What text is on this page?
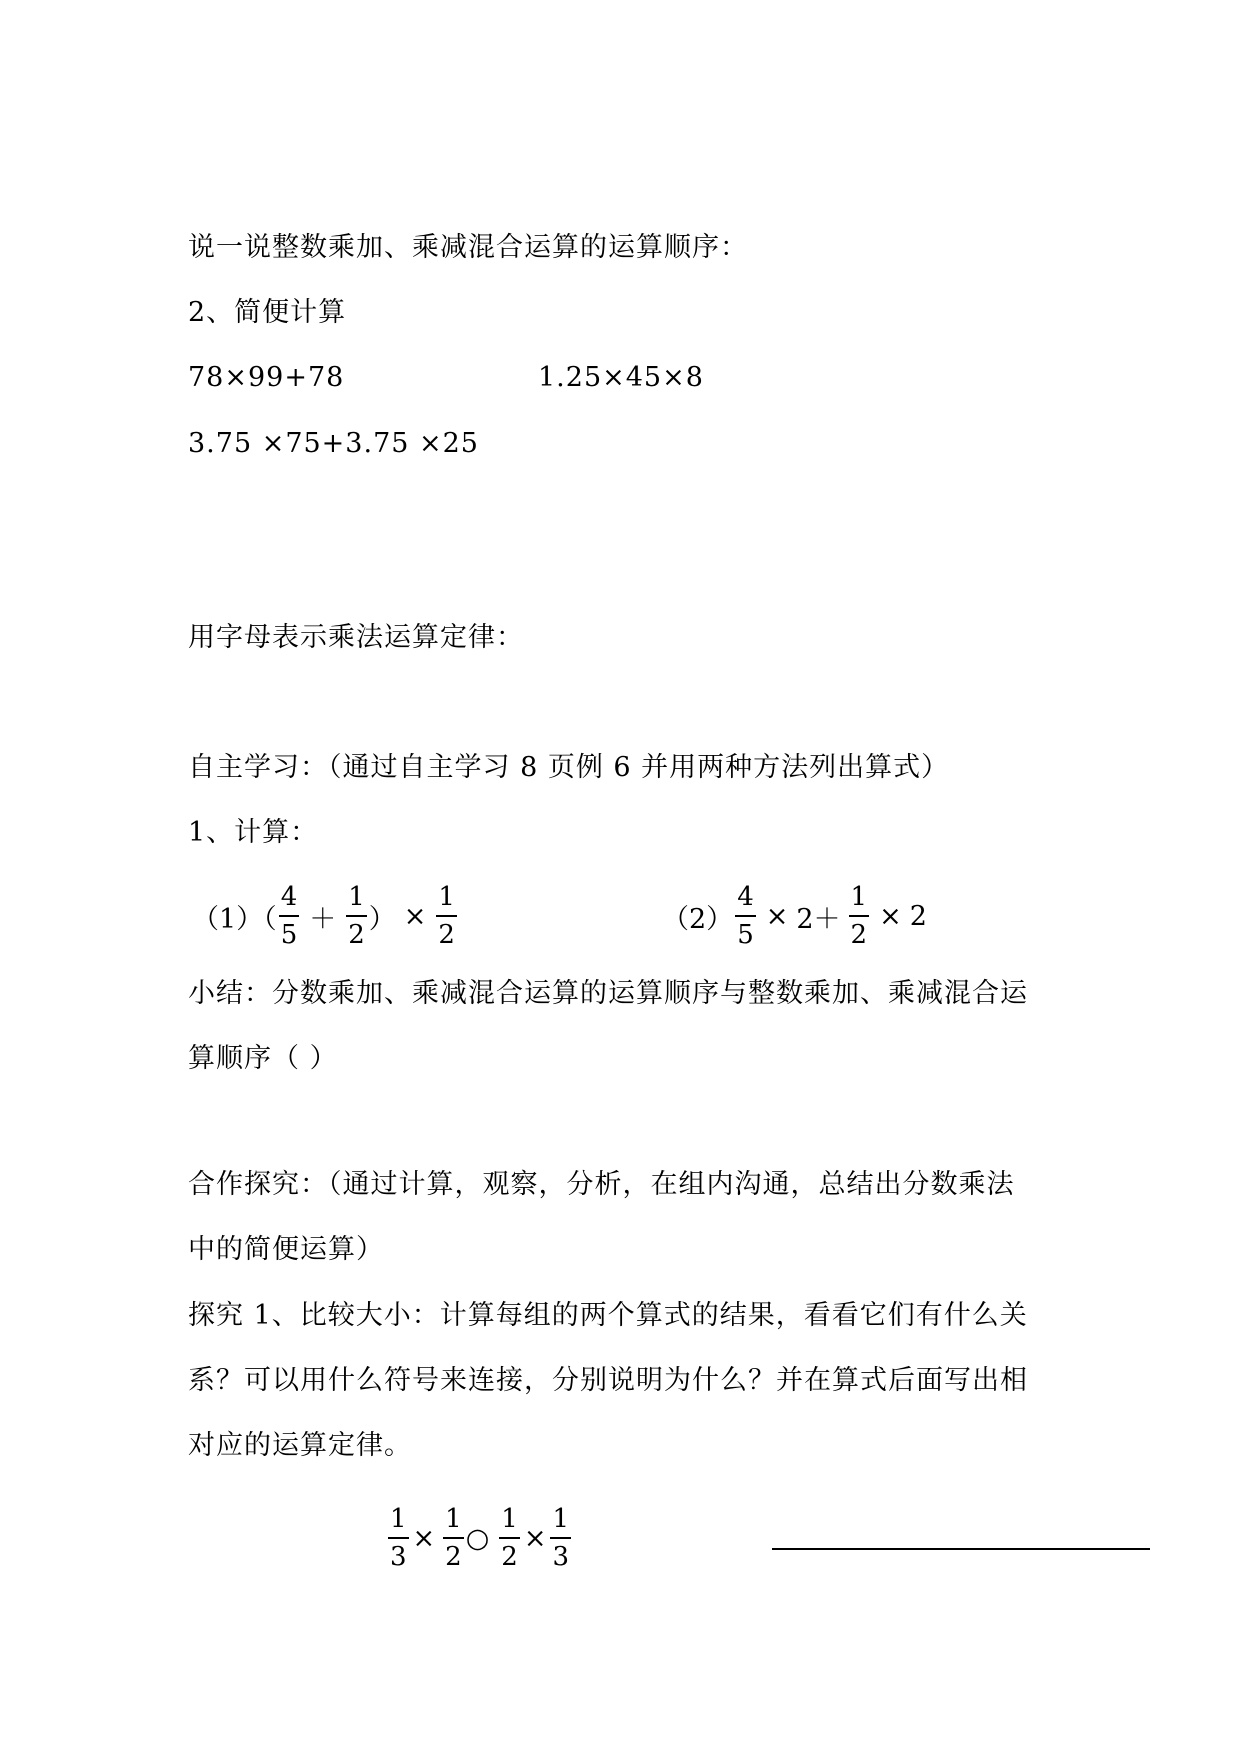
说一说整数乘加、乘减混合运算的运算顺序：
2、简便计算
78×99+78	1.25×45×8
3.75 ×75+3.75 ×25
用字母表示乘法运算定律：
自主学习：（通过自主学习 8 页例 6 并用两种方法列出算式）
1、计算：
$(1)( \frac{4}{5} + \frac{1}{2}$ ） × $\frac{1}{2}$	$(2) \frac{4}{5} \times 2+ \frac{1}{2} \times 2$
小结：分数乘加、乘减混合运算的运算顺序与整数乘加、乘减混合运
算顺序（ ）
合作探究：（通过计算，观察，分析，在组内沟通，总结出分数乘法
中的简便运算）
探究 1、比较大小：计算每组的两个算式的结果，看看它们有什么关
系？可以用什么符号来连接，分别说明为什么？并在算式后面写出相
对应的运算定律。
$\frac{1}{3} \times \frac{1}{2}$ ○ $\frac{1}{2} \times \frac{1}{3}$
